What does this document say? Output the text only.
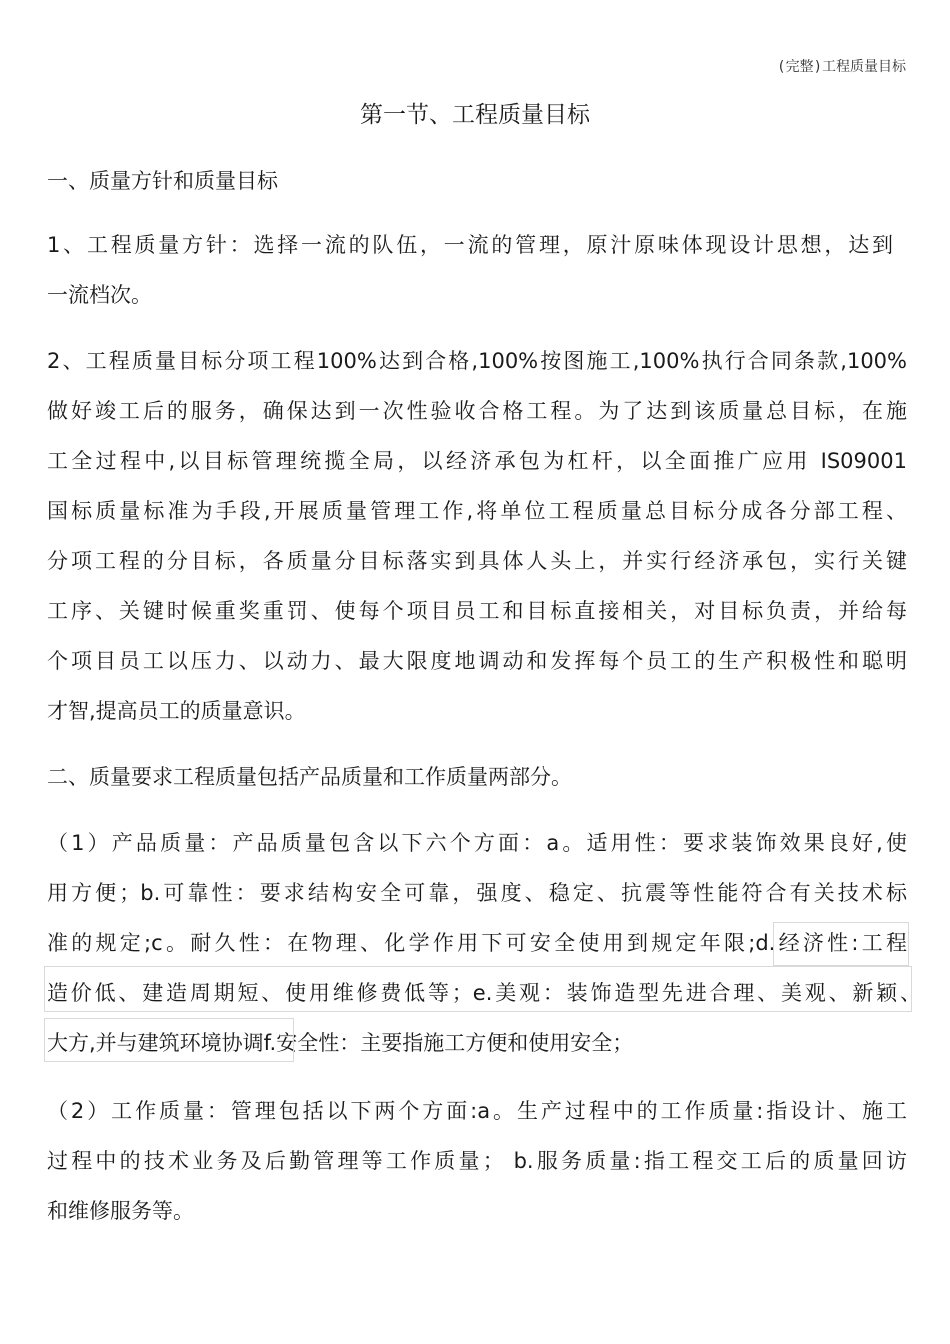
(完整)工程质量目标
第一节、工程质量目标
一、质量方针和质量目标
1、工程质量方针：选择一流的队伍，一流的管理，原汁原味体现设计思想，达到
一流档次。
2、工程质量目标分项工程100%达到合格,100%按图施工,100%执行合同条款,100%
做好竣工后的服务，确保达到一次性验收合格工程。为了达到该质量总目标，在施
工全过程中,以目标管理统揽全局，以经济承包为杠杆，以全面推广应用 IS09001
国标质量标准为手段,开展质量管理工作,将单位工程质量总目标分成各分部工程、
分项工程的分目标，各质量分目标落实到具体人头上，并实行经济承包，实行关键
工序、关键时候重奖重罚、使每个项目员工和目标直接相关，对目标负责，并给每
个项目员工以压力、以动力、最大限度地调动和发挥每个员工的生产积极性和聪明
才智,提高员工的质量意识。
二、质量要求工程质量包括产品质量和工作质量两部分。
（1）产品质量：产品质量包含以下六个方面：a。适用性：要求装饰效果良好,使
用方便；b.可靠性：要求结构安全可靠，强度、稳定、抗震等性能符合有关技术标
准的规定;c。耐久性：在物理、化学作用下可安全使用到规定年限;d.经济性:工程
造价低、建造周期短、使用维修费低等；e.美观：装饰造型先进合理、美观、新颖、
大方,并与建筑环境协调f.安全性：主要指施工方便和使用安全；
（2）工作质量：管理包括以下两个方面:a。生产过程中的工作质量:指设计、施工
过程中的技术业务及后勤管理等工作质量； b.服务质量:指工程交工后的质量回访
和维修服务等。
